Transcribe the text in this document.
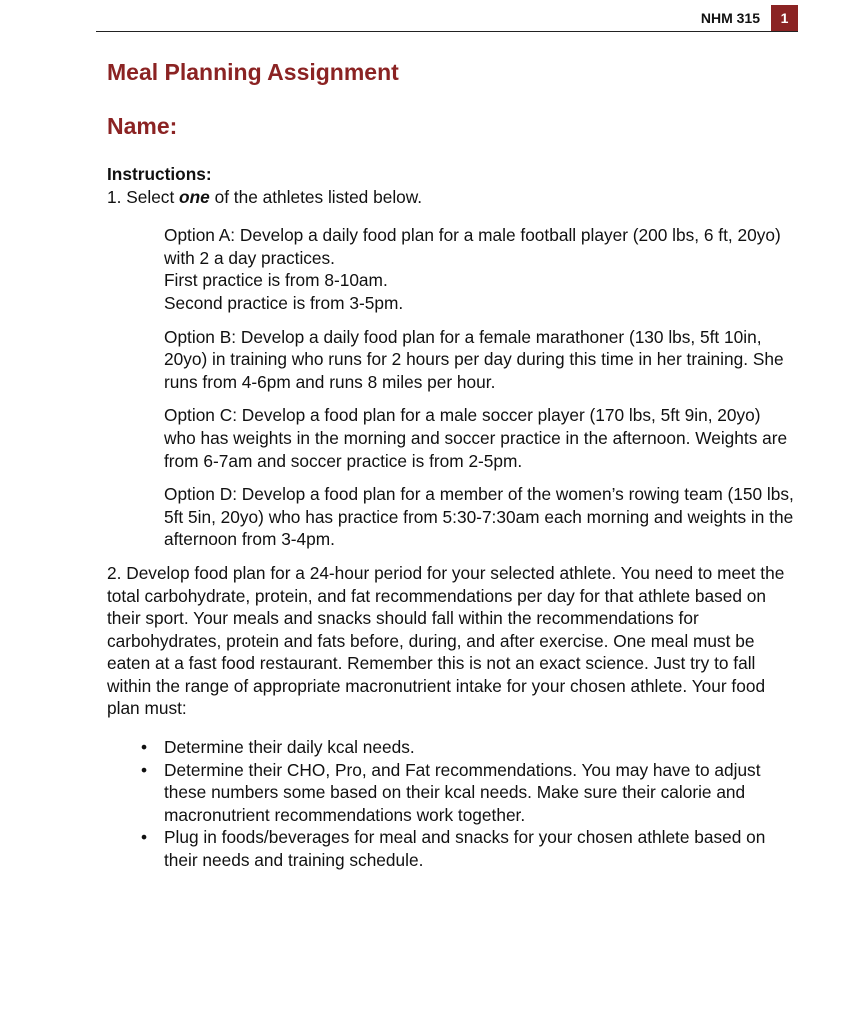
NHM 315	1
Meal Planning Assignment
Name:

Instructions:

1. Select one of the athletes listed below.

Option A: Develop a daily food plan for a male football player (200 lbs, 6 ft, 20yo) with 2 a day practices.
First practice is from 8-10am.
Second practice is from 3-5pm.

Option B: Develop a daily food plan for a female marathoner (130 lbs, 5ft 10in, 20yo) in training who runs for 2 hours per day during this time in her training. She runs from 4-6pm and runs 8 miles per hour.

Option C: Develop a food plan for a male soccer player (170 lbs, 5ft 9in, 20yo) who has weights in the morning and soccer practice in the afternoon. Weights are from 6-7am and soccer practice is from 2-5pm.

Option D: Develop a food plan for a member of the women’s rowing team (150 lbs, 5ft 5in, 20yo) who has practice from 5:30-7:30am each morning and weights in the afternoon from 3-4pm.

2. Develop food plan for a 24-hour period for your selected athlete. You need to meet the total carbohydrate, protein, and fat recommendations per day for that athlete based on their sport. Your meals and snacks should fall within the recommendations for carbohydrates, protein and fats before, during, and after exercise. One meal must be eaten at a fast food restaurant. Remember this is not an exact science. Just try to fall within the range of appropriate macronutrient intake for your chosen athlete. Your food plan must:

• Determine their daily kcal needs.
• Determine their CHO, Pro, and Fat recommendations. You may have to adjust these numbers some based on their kcal needs. Make sure their calorie and macronutrient recommendations work together.
• Plug in foods/beverages for meal and snacks for your chosen athlete based on their needs and training schedule.
